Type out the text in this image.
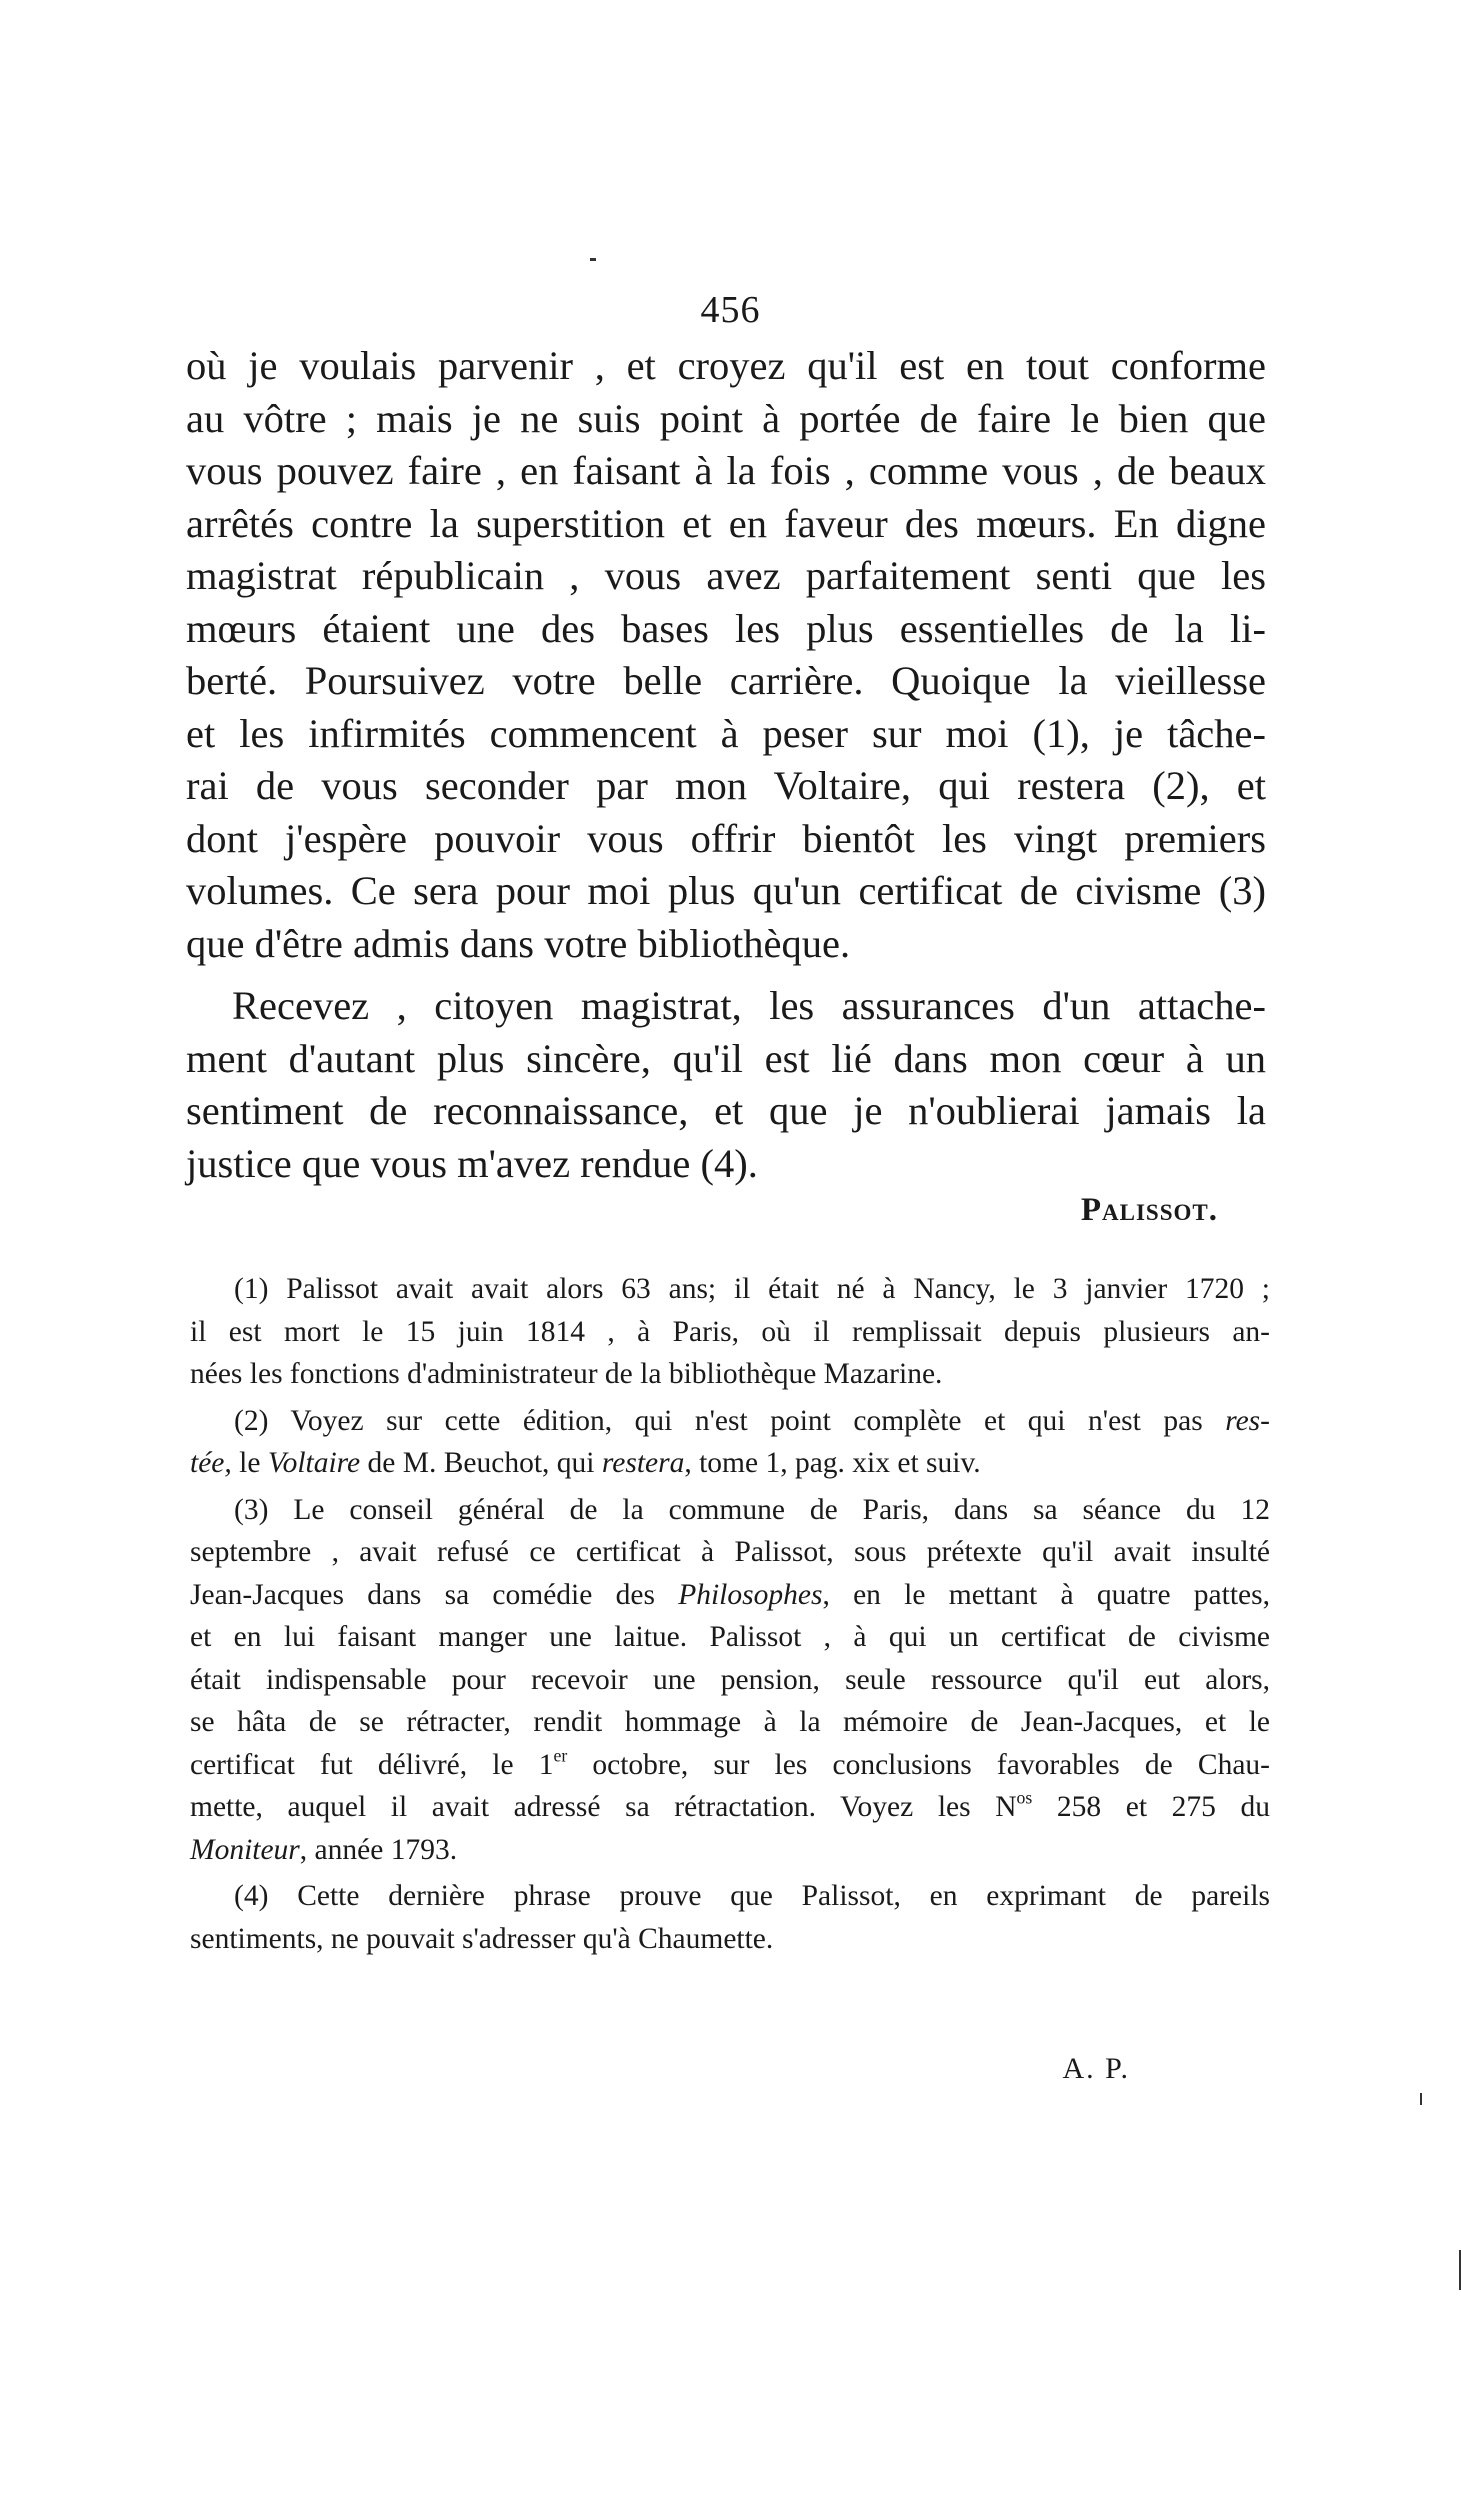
456
où je voulais parvenir , et croyez qu'il est en tout conforme
au vôtre ; mais je ne suis point à portée de faire le bien que
vous pouvez faire , en faisant à la fois , comme vous , de beaux
arrêtés contre la superstition et en faveur des mœurs. En digne
magistrat républicain , vous avez parfaitement senti que les
mœurs étaient une des bases les plus essentielles de la li-
berté. Poursuivez votre belle carrière. Quoique la vieillesse
et les infirmités commencent à peser sur moi (1), je tâche-
rai de vous seconder par mon Voltaire, qui restera (2), et
dont j'espère pouvoir vous offrir bientôt les vingt premiers
volumes. Ce sera pour moi plus qu'un certificat de civisme (3)
que d'être admis dans votre bibliothèque.
Recevez , citoyen magistrat, les assurances d'un attache-
ment d'autant plus sincère, qu'il est lié dans mon cœur à un
sentiment de reconnaissance, et que je n'oublierai jamais la
justice que vous m'avez rendue (4).
Palissot.
(1) Palissot avait avait alors 63 ans; il était né à Nancy, le 3 janvier 1720 ;
il est mort le 15 juin 1814 , à Paris, où il remplissait depuis plusieurs an-
nées les fonctions d'administrateur de la bibliothèque Mazarine.
(2) Voyez sur cette édition, qui n'est point complète et qui n'est pas res-
tée, le Voltaire de M. Beuchot, qui restera, tome 1, pag. xix et suiv.
(3) Le conseil général de la commune de Paris, dans sa séance du 12
septembre , avait refusé ce certificat à Palissot, sous prétexte qu'il avait insulté
Jean-Jacques dans sa comédie des Philosophes, en le mettant à quatre pattes,
et en lui faisant manger une laitue. Palissot , à qui un certificat de civisme
était indispensable pour recevoir une pension, seule ressource qu'il eut alors,
se hâta de se rétracter, rendit hommage à la mémoire de Jean-Jacques, et le
certificat fut délivré, le 1er octobre, sur les conclusions favorables de Chau-
mette, auquel il avait adressé sa rétractation. Voyez les $N^{os}$ 258 et 275 du
Moniteur, année 1793.
(4) Cette dernière phrase prouve que Palissot, en exprimant de pareils
sentiments, ne pouvait s'adresser qu'à Chaumette.
A. P.
